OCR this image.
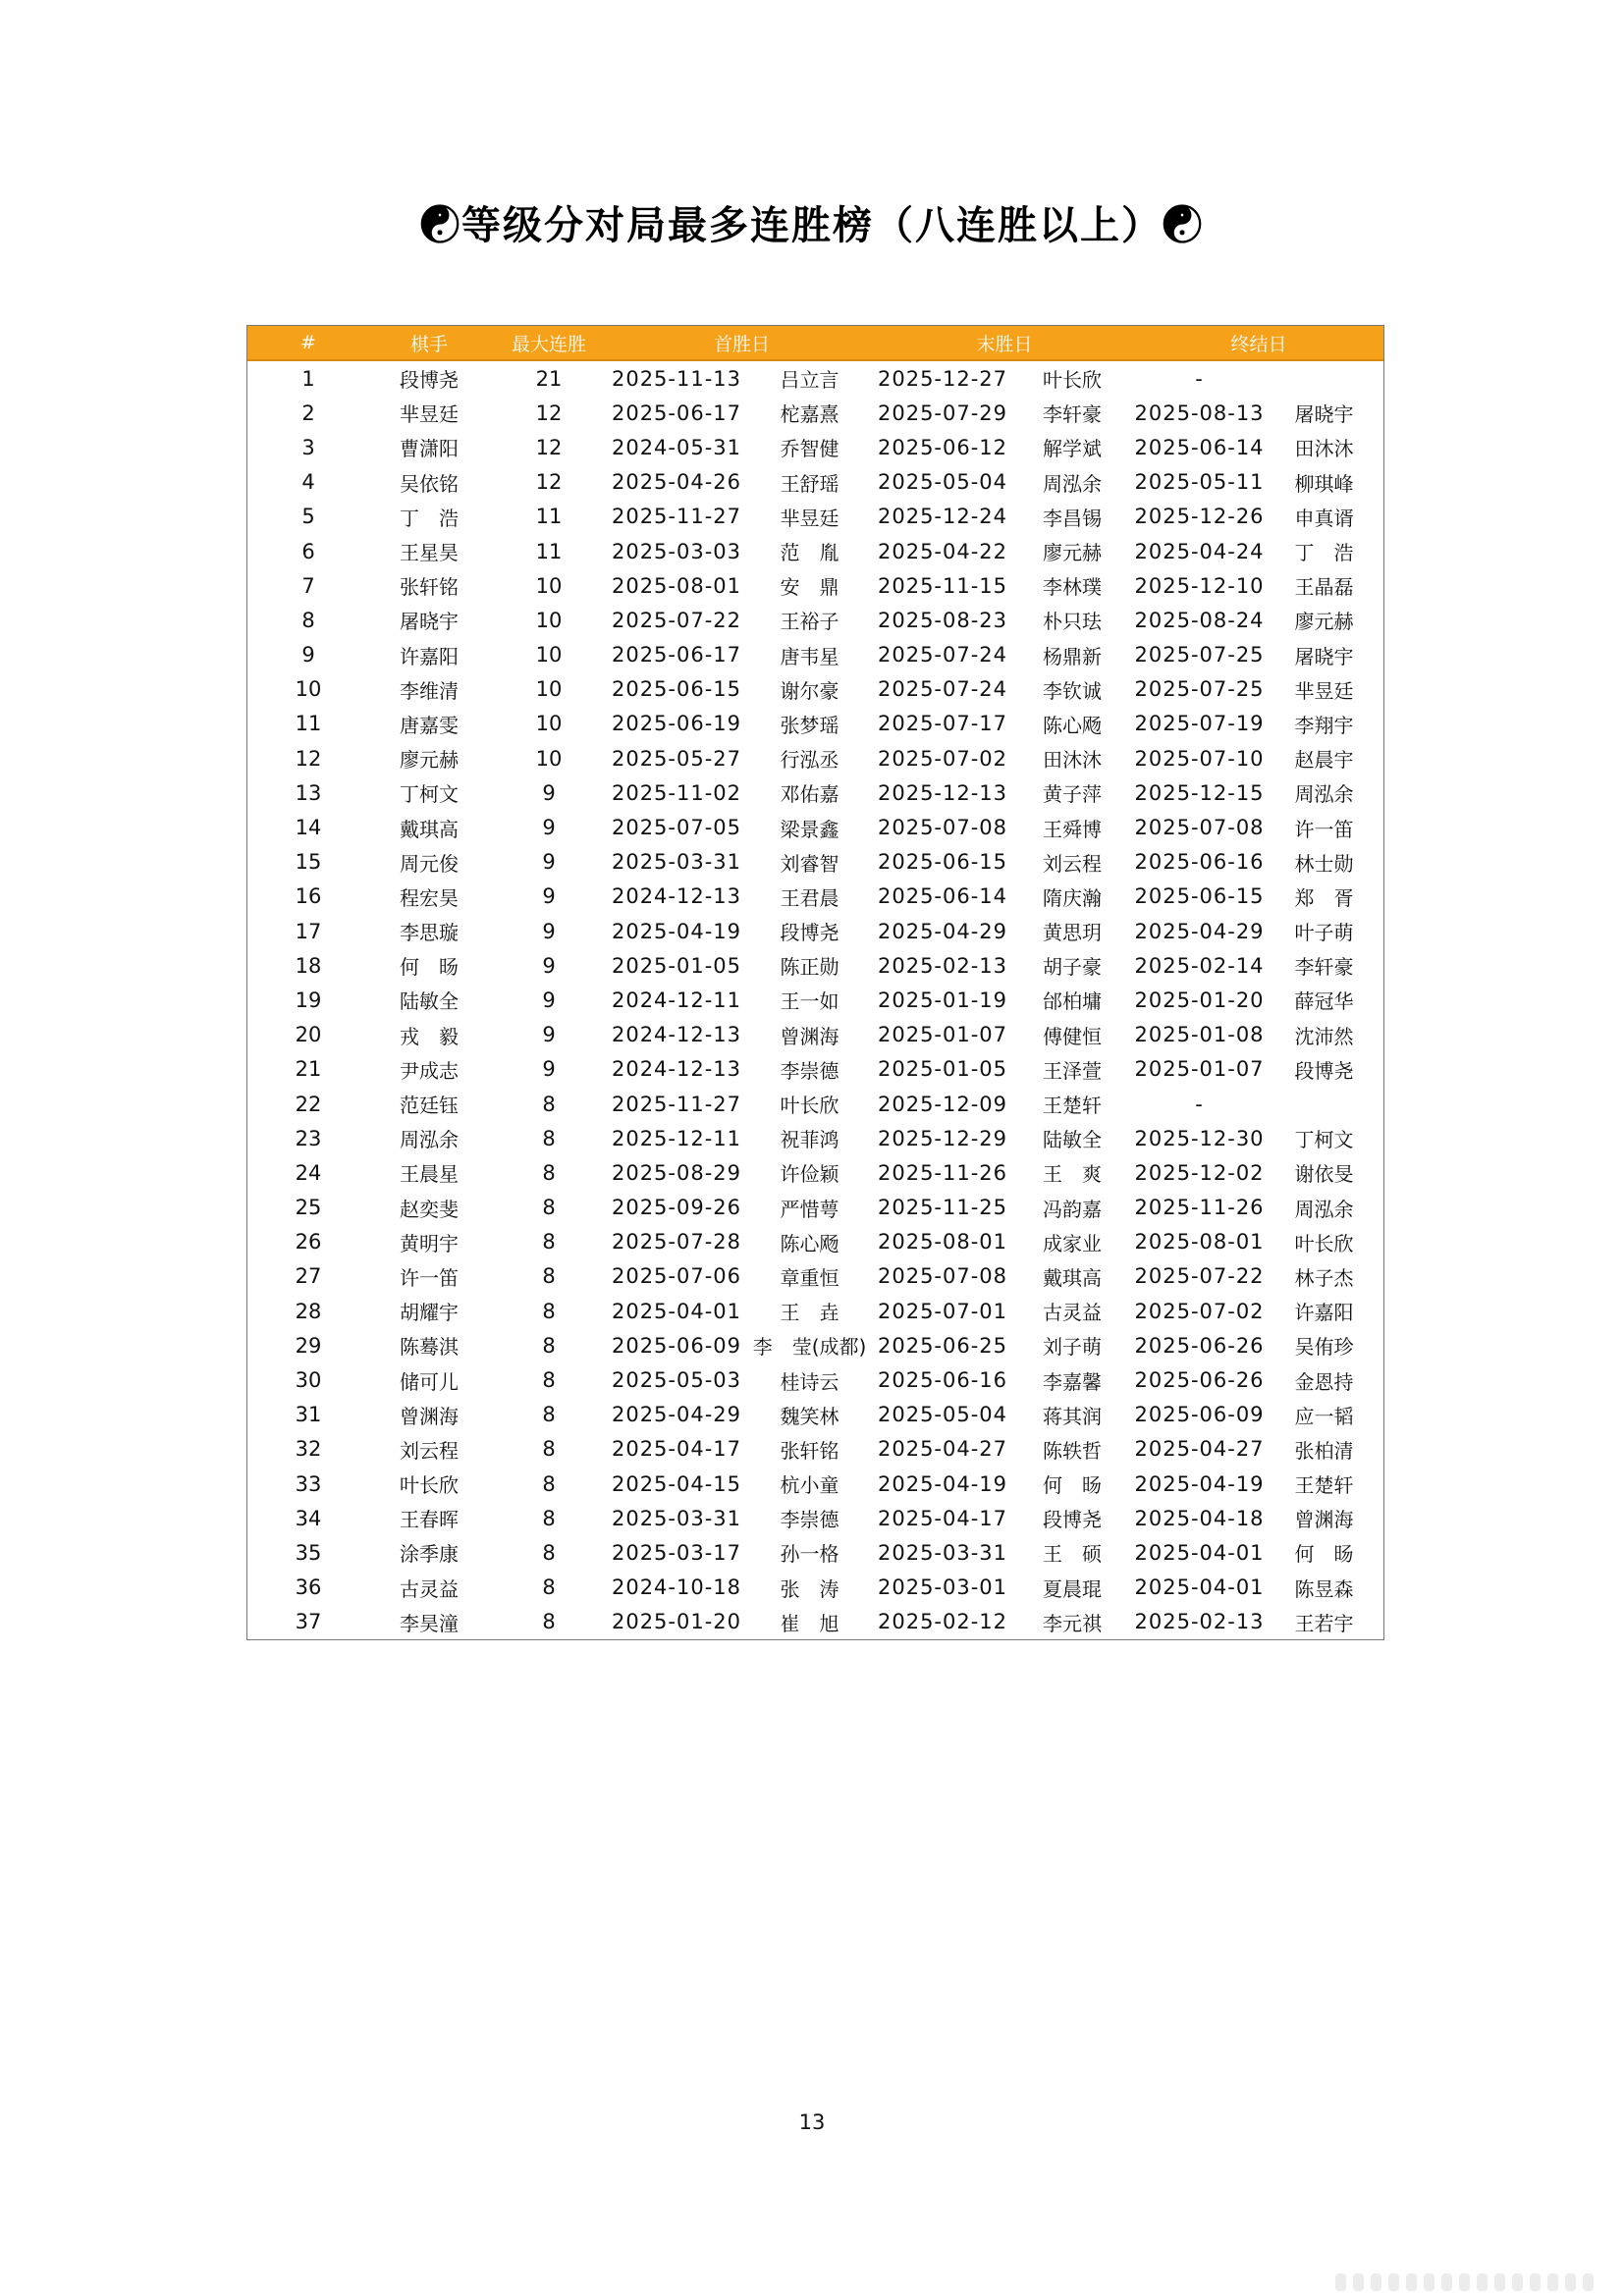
☯等级分对局最多连胜榜（八连胜以上）☯
#	棋手	最大连胜	首胜日		末胜日		终结日	
1	段博尧	21	2025-11-13	吕立言	2025-12-27	叶长欣	-	
2	芈昱廷	12	2025-06-17	柁嘉熹	2025-07-29	李轩豪	2025-08-13	屠晓宇
3	曹潇阳	12	2024-05-31	乔智健	2025-06-12	解学斌	2025-06-14	田沐沐
4	吴依铭	12	2025-04-26	王舒瑶	2025-05-04	周泓余	2025-05-11	柳琪峰
5	丁　浩	11	2025-11-27	芈昱廷	2025-12-24	李昌锡	2025-12-26	申真谞
6	王星昊	11	2025-03-03	范　胤	2025-04-22	廖元赫	2025-04-24	丁　浩
7	张轩铭	10	2025-08-01	安　鼎	2025-11-15	李林璞	2025-12-10	王晶磊
8	屠晓宇	10	2025-07-22	王裕子	2025-08-23	朴只珐	2025-08-24	廖元赫
9	许嘉阳	10	2025-06-17	唐韦星	2025-07-24	杨鼎新	2025-07-25	屠晓宇
10	李维清	10	2025-06-15	谢尔豪	2025-07-24	李钦诚	2025-07-25	芈昱廷
11	唐嘉雯	10	2025-06-19	张梦瑶	2025-07-17	陈心飏	2025-07-19	李翔宇
12	廖元赫	10	2025-05-27	行泓丞	2025-07-02	田沐沐	2025-07-10	赵晨宇
13	丁柯文	9	2025-11-02	邓佑嘉	2025-12-13	黄子萍	2025-12-15	周泓余
14	戴琪高	9	2025-07-05	梁景鑫	2025-07-08	王舜博	2025-07-08	许一笛
15	周元俊	9	2025-03-31	刘睿智	2025-06-15	刘云程	2025-06-16	林士勋
16	程宏昊	9	2024-12-13	王君晨	2025-06-14	隋庆瀚	2025-06-15	郑　胥
17	李思璇	9	2025-04-19	段博尧	2025-04-29	黄思玥	2025-04-29	叶子萌
18	何　旸	9	2025-01-05	陈正勋	2025-02-13	胡子豪	2025-02-14	李轩豪
19	陆敏全	9	2024-12-11	王一如	2025-01-19	邰柏墉	2025-01-20	薛冠华
20	戎　毅	9	2024-12-13	曾渊海	2025-01-07	傅健恒	2025-01-08	沈沛然
21	尹成志	9	2024-12-13	李崇德	2025-01-05	王泽萱	2025-01-07	段博尧
22	范廷钰	8	2025-11-27	叶长欣	2025-12-09	王楚轩	-	
23	周泓余	8	2025-12-11	祝菲鸿	2025-12-29	陆敏全	2025-12-30	丁柯文
24	王晨星	8	2025-08-29	许俭颖	2025-11-26	王　爽	2025-12-02	谢依旻
25	赵奕斐	8	2025-09-26	严惜萼	2025-11-25	冯韵嘉	2025-11-26	周泓余
26	黄明宇	8	2025-07-28	陈心飏	2025-08-01	成家业	2025-08-01	叶长欣
27	许一笛	8	2025-07-06	章重恒	2025-07-08	戴琪高	2025-07-22	林子杰
28	胡耀宇	8	2025-04-01	王　垚	2025-07-01	古灵益	2025-07-02	许嘉阳
29	陈蓦淇	8	2025-06-09	李　莹(成都)	2025-06-25	刘子萌	2025-06-26	吴侑珍
30	储可儿	8	2025-05-03	桂诗云	2025-06-16	李嘉馨	2025-06-26	金恩持
31	曾渊海	8	2025-04-29	魏笑林	2025-05-04	蒋其润	2025-06-09	应一韬
32	刘云程	8	2025-04-17	张轩铭	2025-04-27	陈轶哲	2025-04-27	张柏清
33	叶长欣	8	2025-04-15	杭小童	2025-04-19	何　旸	2025-04-19	王楚轩
34	王春晖	8	2025-03-31	李崇德	2025-04-17	段博尧	2025-04-18	曾渊海
35	涂季康	8	2025-03-17	孙一格	2025-03-31	王　硕	2025-04-01	何　旸
36	古灵益	8	2024-10-18	张　涛	2025-03-01	夏晨琨	2025-04-01	陈昱森
37	李昊潼	8	2025-01-20	崔　旭	2025-02-12	李元祺	2025-02-13	王若宇
13
